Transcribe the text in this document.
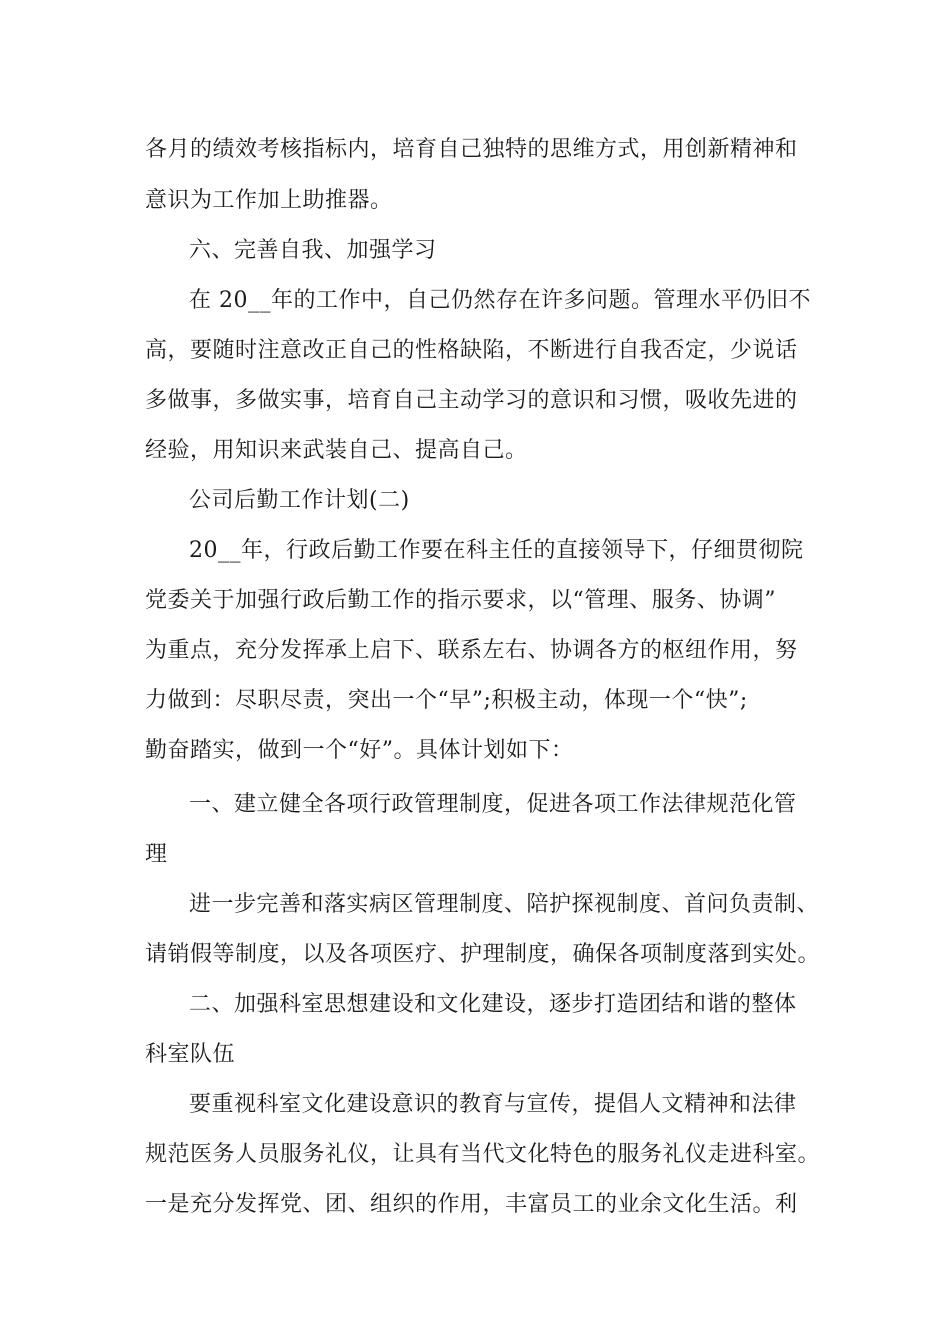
各月的绩效考核指标内，培育自己独特的思维方式，用创新精神和
意识为工作加上助推器。
六、完善自我、加强学习
在 20__年的工作中，自己仍然存在许多问题。管理水平仍旧不
高，要随时注意改正自己的性格缺陷，不断进行自我否定，少说话
多做事，多做实事，培育自己主动学习的意识和习惯，吸收先进的
经验，用知识来武装自己、提高自己。
公司后勤工作计划(二)
20__年，行政后勤工作要在科主任的直接领导下，仔细贯彻院
党委关于加强行政后勤工作的指示要求，以“管理、服务、协调”
为重点，充分发挥承上启下、联系左右、协调各方的枢纽作用，努
力做到：尽职尽责，突出一个“早”;积极主动，体现一个“快”;
勤奋踏实，做到一个“好”。具体计划如下：
一、建立健全各项行政管理制度，促进各项工作法律规范化管
理
进一步完善和落实病区管理制度、陪护探视制度、首问负责制、
请销假等制度，以及各项医疗、护理制度，确保各项制度落到实处。
二、加强科室思想建设和文化建设，逐步打造团结和谐的整体
科室队伍
要重视科室文化建设意识的教育与宣传，提倡人文精神和法律
规范医务人员服务礼仪，让具有当代文化特色的服务礼仪走进科室。
一是充分发挥党、团、组织的作用，丰富员工的业余文化生活。利
